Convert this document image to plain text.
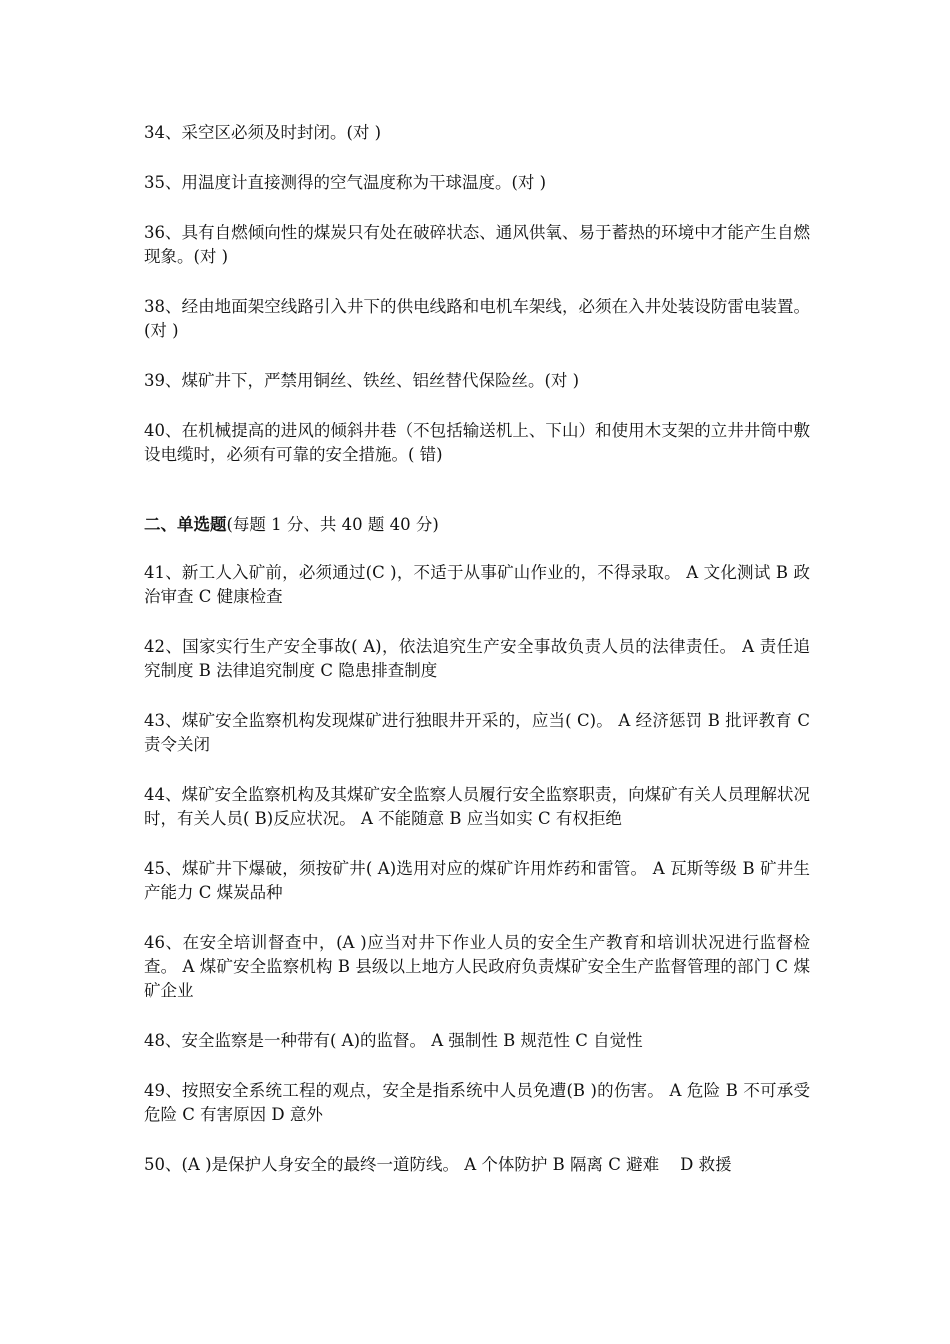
34、采空区必须及时封闭。(对 )

35、用温度计直接测得的空气温度称为干球温度。(对 )

36、具有自燃倾向性的煤炭只有处在破碎状态、通风供氧、易于蓄热的环境中才能产生自燃现象。(对 )

38、经由地面架空线路引入井下的供电线路和电机车架线，必须在入井处装设防雷电装置。(对 )

39、煤矿井下，严禁用铜丝、铁丝、铝丝替代保险丝。(对 )

40、在机械提高的进风的倾斜井巷（不包括输送机上、下山）和使用木支架的立井井筒中敷设电缆时，必须有可靠的安全措施。( 错)

二、单选题(每题 1 分、共 40 题 40 分)

41、新工人入矿前，必须通过(C )，不适于从事矿山作业的，不得录取。 A 文化测试 B 政治审查 C 健康检查

42、国家实行生产安全事故( A)，依法追究生产安全事故负责人员的法律责任。 A 责任追究制度 B 法律追究制度 C 隐患排查制度

43、煤矿安全监察机构发现煤矿进行独眼井开采的，应当( C)。 A 经济惩罚 B 批评教育 C 责令关闭

44、煤矿安全监察机构及其煤矿安全监察人员履行安全监察职责，向煤矿有关人员理解状况时，有关人员( B)反应状况。 A 不能随意 B 应当如实 C 有权拒绝

45、煤矿井下爆破，须按矿井( A)选用对应的煤矿许用炸药和雷管。 A 瓦斯等级 B 矿井生产能力 C 煤炭品种

46、在安全培训督查中，(A )应当对井下作业人员的安全生产教育和培训状况进行监督检查。 A 煤矿安全监察机构 B 县级以上地方人民政府负责煤矿安全生产监督管理的部门 C 煤矿企业

48、安全监察是一种带有( A)的监督。 A 强制性 B 规范性 C 自觉性

49、按照安全系统工程的观点，安全是指系统中人员免遭(B )的伤害。 A 危险 B 不可承受危险 C 有害原因 D 意外

50、(A )是保护人身安全的最终一道防线。 A 个体防护 B 隔离 C 避难    D 救援
